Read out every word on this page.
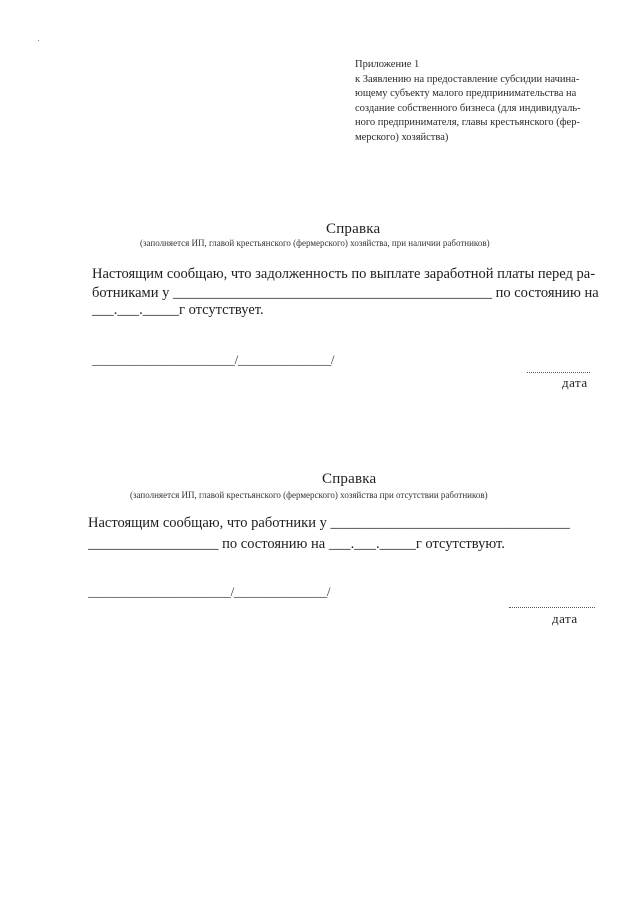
Приложение 1
к Заявлению на предоставление субсидии начина-
ющему субъекту малого предпринимательства на
создание собственного бизнеса (для индивидуаль-
ного предпринимателя, главы крестьянского (фер-
мерского) хозяйства)
Справка
(заполняется ИП, главой крестьянского (фермерского) хозяйства, при наличии работников)
Настоящим сообщаю, что задолженность по выплате заработной платы перед ра-
ботниками у ____________________________________________ по состоянию на
___.___._____г отсутствует.
_______________________/_______________/
дата
Справка
(заполняется ИП, главой крестьянского (фермерского) хозяйства при отсутствии работников)
Настоящим сообщаю, что работники у _________________________________
__________________ по состоянию на ___.___._____г отсутствуют.
_______________________/_______________/
дата
